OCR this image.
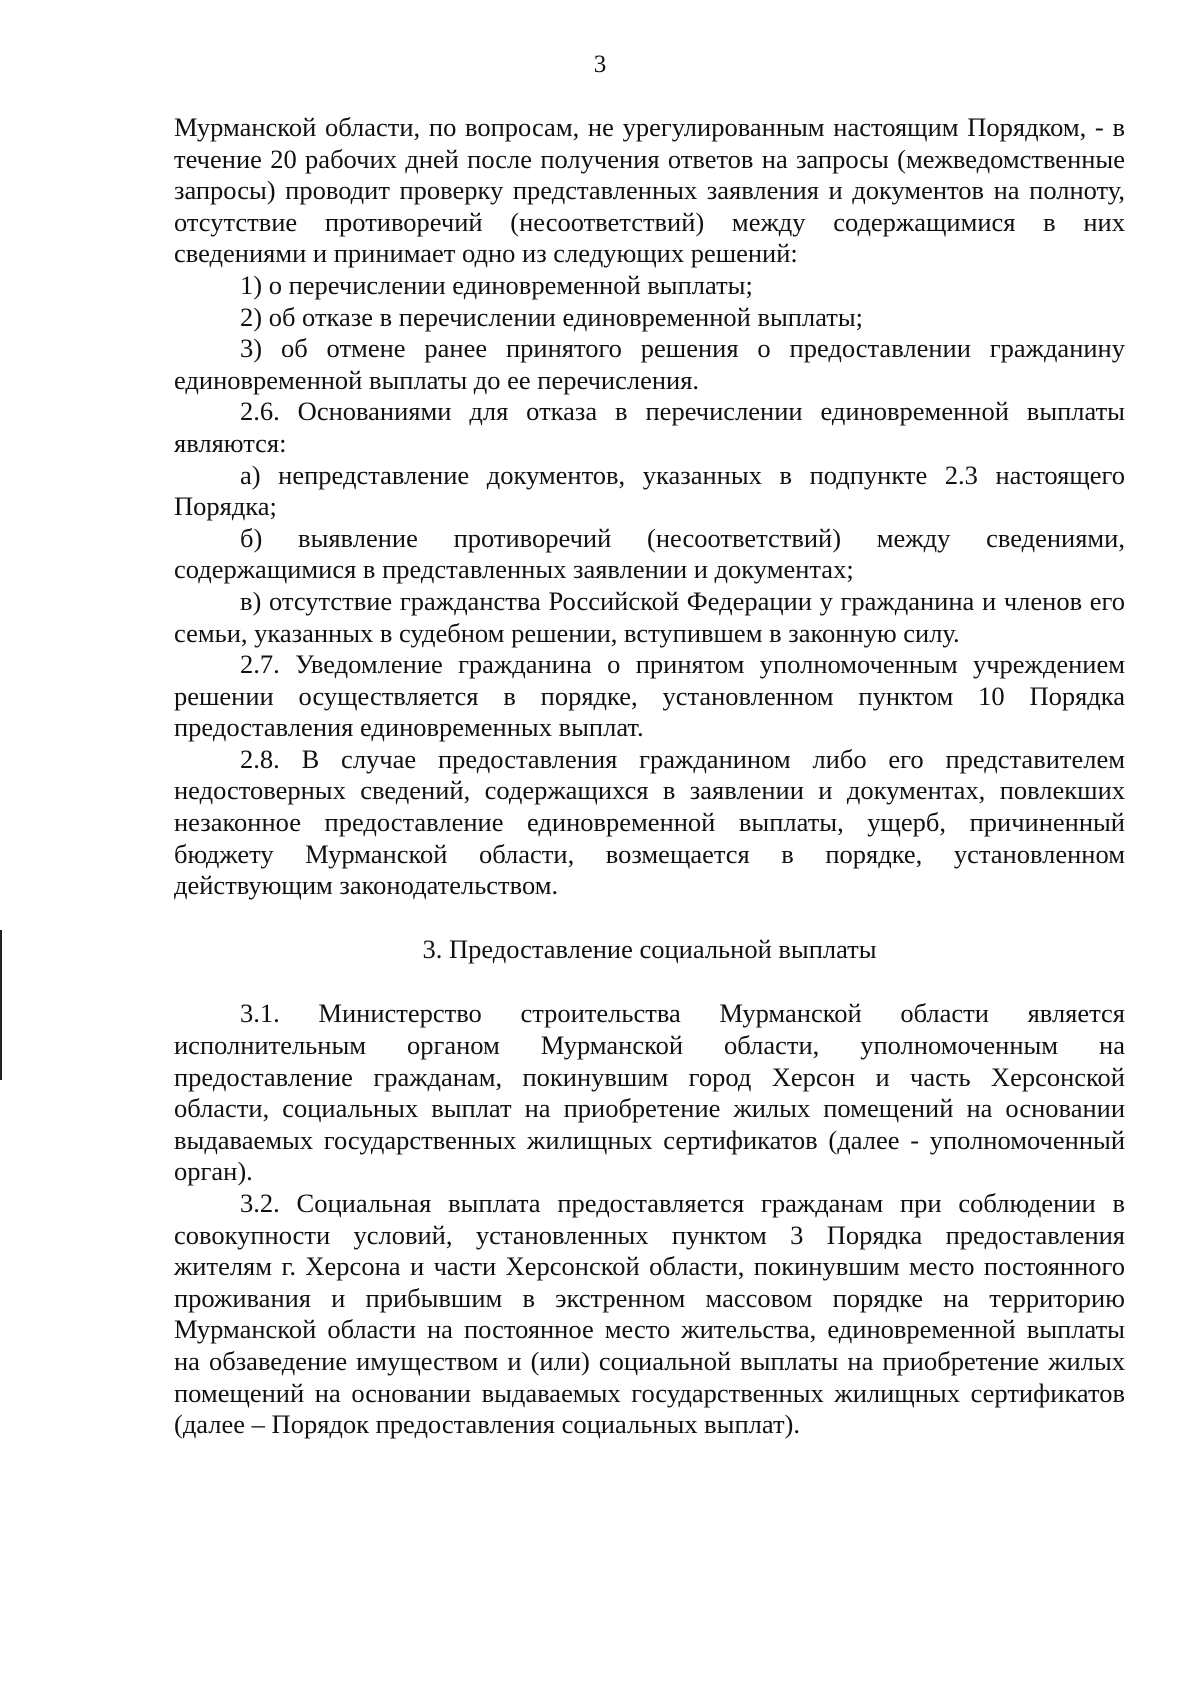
3

Мурманской области, по вопросам, не урегулированным настоящим Порядком, - в течение 20 рабочих дней после получения ответов на запросы (межведомственные запросы) проводит проверку представленных заявления и документов на полноту, отсутствие противоречий (несоответствий) между содержащимися в них сведениями и принимает одно из следующих решений:

1) о перечислении единовременной выплаты;

2) об отказе в перечислении единовременной выплаты;

3) об отмене ранее принятого решения о предоставлении гражданину единовременной выплаты до ее перечисления.

2.6. Основаниями для отказа в перечислении единовременной выплаты являются:

а) непредставление документов, указанных в подпункте 2.3 настоящего Порядка;

б) выявление противоречий (несоответствий) между сведениями, содержащимися в представленных заявлении и документах;

в) отсутствие гражданства Российской Федерации у гражданина и членов его семьи, указанных в судебном решении, вступившем в законную силу.

2.7. Уведомление гражданина о принятом уполномоченным учреждением решении осуществляется в порядке, установленном пунктом 10 Порядка предоставления единовременных выплат.

2.8. В случае предоставления гражданином либо его представителем недостоверных сведений, содержащихся в заявлении и документах, повлекших незаконное предоставление единовременной выплаты, ущерб, причиненный бюджету Мурманской области, возмещается в порядке, установленном действующим законодательством.

3. Предоставление социальной выплаты

3.1. Министерство строительства Мурманской области является исполнительным органом Мурманской области, уполномоченным на предоставление гражданам, покинувшим город Херсон и часть Херсонской области, социальных выплат на приобретение жилых помещений на основании выдаваемых государственных жилищных сертификатов (далее - уполномоченный орган).

3.2. Социальная выплата предоставляется гражданам при соблюдении в совокупности условий, установленных пунктом 3 Порядка предоставления жителям г. Херсона и части Херсонской области, покинувшим место постоянного проживания и прибывшим в экстренном массовом порядке на территорию Мурманской области на постоянное место жительства, единовременной выплаты на обзаведение имуществом и (или) социальной выплаты на приобретение жилых помещений на основании выдаваемых государственных жилищных сертификатов (далее – Порядок предоставления социальных выплат).
